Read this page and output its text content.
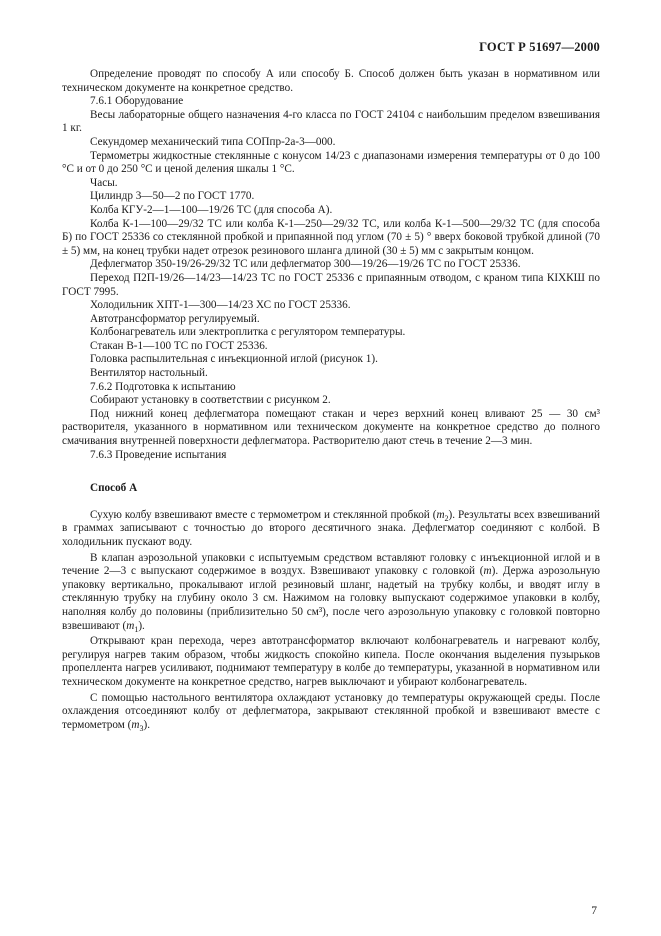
ГОСТ Р 51697—2000

Определение проводят по способу А или способу Б. Способ должен быть указан в нормативном или техническом документе на конкретное средство.

7.6.1 Оборудование

Весы лабораторные общего назначения 4-го класса по ГОСТ 24104 с наибольшим пределом взвешивания 1 кг.

Секундомер механический типа СОПпр-2а-3—000.

Термометры жидкостные стеклянные с конусом 14/23 с диапазонами измерения температуры от 0 до 100 °С и от 0 до 250 °С и ценой деления шкалы 1 °С.

Часы.

Цилиндр 3—50—2 по ГОСТ 1770.

Колба КГУ-2—1—100—19/26 ТС (для способа А).

Колба К-1—100—29/32 ТС или колба К-1—250—29/32 ТС, или колба К-1—500—29/32 ТС (для способа Б) по ГОСТ 25336 со стеклянной пробкой и припаянной под углом (70 ± 5) ° вверх боковой трубкой длиной (70 ± 5) мм, на конец трубки надет отрезок резинового шланга длиной (30 ± 5) мм с закрытым концом.

Дефлегматор 350-19/26-29/32 ТС или дефлегматор 300—19/26—19/26 ТС по ГОСТ 25336.

Переход П2П-19/26—14/23—14/23 ТС по ГОСТ 25336 с припаянным отводом, с краном типа КIХКШ по ГОСТ 7995.

Холодильник ХПТ-1—300—14/23 ХС по ГОСТ 25336.

Автотрансформатор регулируемый.

Колбонагреватель или электроплитка с регулятором температуры.

Стакан В-1—100 ТС по ГОСТ 25336.

Головка распылительная с инъекционной иглой (рисунок 1).

Вентилятор настольный.

7.6.2 Подготовка к испытанию

Собирают установку в соответствии с рисунком 2.

Под нижний конец дефлегматора помещают стакан и через верхний конец вливают 25 — 30 см³ растворителя, указанного в нормативном или техническом документе на конкретное средство до полного смачивания внутренней поверхности дефлегматора. Растворителю дают стечь в течение 2—3 мин.

7.6.3 Проведение испытания

Способ А

Сухую колбу взвешивают вместе с термометром и стеклянной пробкой $(m_2)$. Результаты всех взвешиваний в граммах записывают с точностью до второго десятичного знака. Дефлегматор соединяют с колбой. В холодильник пускают воду.

В клапан аэрозольной упаковки с испытуемым средством вставляют головку с инъекционной иглой и в течение 2—3 с выпускают содержимое в воздух. Взвешивают упаковку с головкой (m). Держа аэрозольную упаковку вертикально, прокалывают иглой резиновый шланг, надетый на трубку колбы, и вводят иглу в стеклянную трубку на глубину около 3 см. Нажимом на головку выпускают содержимое упаковки в колбу, наполняя колбу до половины (приблизительно 50 см³), после чего аэрозольную упаковку с головкой повторно взвешивают $(m_1)$.

Открывают кран перехода, через автотрансформатор включают колбонагреватель и нагревают колбу, регулируя нагрев таким образом, чтобы жидкость спокойно кипела. После окончания выделения пузырьков пропеллента нагрев усиливают, поднимают температуру в колбе до температуры, указанной в нормативном или техническом документе на конкретное средство, нагрев выключают и убирают колбонагреватель.

С помощью настольного вентилятора охлаждают установку до температуры окружающей среды. После охлаждения отсоединяют колбу от дефлегматора, закрывают стеклянной пробкой и взвешивают вместе с термометром $(m_3)$.

7
